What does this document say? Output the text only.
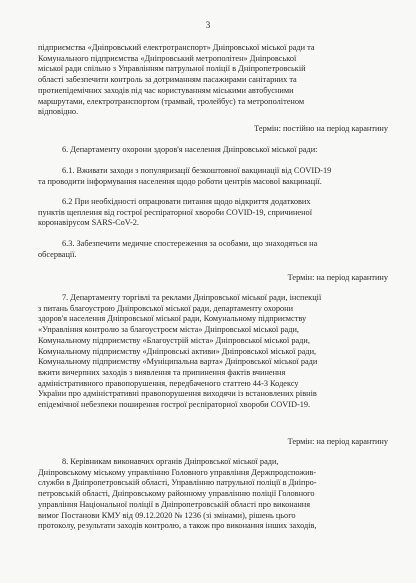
3
підприємства «Дніпровський електротранспорт» Дніпровської міської ради та
Комунального підприємства «Дніпровський метрополітен» Дніпровської
міської ради спільно з Управлінням патрульної поліції в Дніпропетровській
області забезпечити контроль за дотриманням пасажирами санітарних та
протиепідемічних заходів під час користуванням міськими автобусними
маршрутами, електротранспортом (трамвай, тролейбус) та метрополітеном
відповідно.
Термін: постійно на період карантину
6. Департаменту охорони здоров'я населення Дніпровської міської ради:
6.1. Вживати заходи з популяризації безкоштовної вакцинації від COVID-19
та проводити інформування населення щодо роботи центрів масової вакцинації.
6.2 При необхідності опрацювати питання щодо відкриття додаткових
пунктів щеплення від гострої респіраторної хвороби COVID-19, спричиненої
коронавірусом SARS-CoV-2.
6.3. Забезпечити медичне спостереження за особами, що знаходяться на
обсервації.
Термін: на період карантину
7. Департаменту торгівлі та реклами Дніпровської міської ради, інспекції
з питань благоустрою Дніпровської міської ради, департаменту охорони
здоров'я населення Дніпровської міської ради, Комунальному підприємству
«Управління контролю за благоустроєм міста» Дніпровської міської ради,
Комунальному підприємству «Благоустрій міста» Дніпровської міської ради,
Комунальному підприємству «Дніпровські активи» Дніпровської міської ради,
Комунальному підприємству «Муніципальна варта» Дніпровської міської ради
вжити вичерпних заходів з виявлення та припинення фактів вчинення
адміністративного правопорушення, передбаченого статтею 44-3 Кодексу
України про адміністративні правопорушення виходячи із встановлених рівнів
епідемічної небезпеки поширення гострої респіраторної хвороби COVID-19.
Термін: на період карантину
8. Керівникам виконавчих органів Дніпровської міської ради,
Дніпровському міському управлінню Головного управління Держпродспожив-
служби в Дніпропетровській області, Управлінню патрульної поліції в Дніпро-
петровській області, Дніпровському районному управлінню поліції Головного
управління Національної поліції в Дніпропетровській області про виконання
вимог Постанови КМУ від 09.12.2020 № 1236 (зі змінами), рішень цього
протоколу, результати заходів контролю, а також про виконання інших заходів,
